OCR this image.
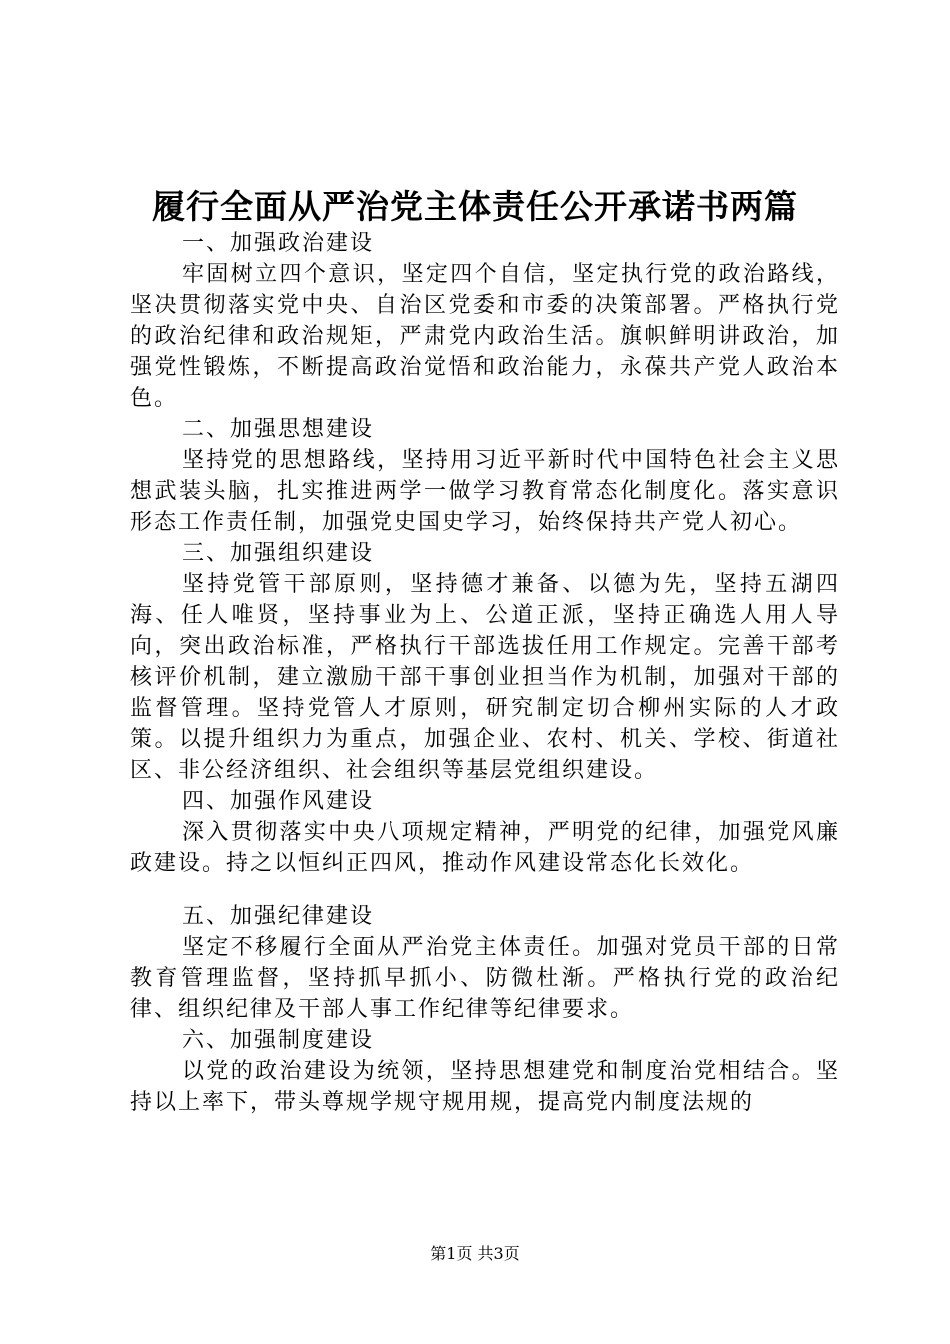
履行全面从严治党主体责任公开承诺书两篇

一、加强政治建设

牢固树立四个意识，坚定四个自信，坚定执行党的政治路线，坚决贯彻落实党中央、自治区党委和市委的决策部署。严格执行党的政治纪律和政治规矩，严肃党内政治生活。旗帜鲜明讲政治，加强党性锻炼，不断提高政治觉悟和政治能力，永葆共产党人政治本色。

二、加强思想建设

坚持党的思想路线，坚持用习近平新时代中国特色社会主义思想武装头脑，扎实推进两学一做学习教育常态化制度化。落实意识形态工作责任制，加强党史国史学习，始终保持共产党人初心。

三、加强组织建设

坚持党管干部原则，坚持德才兼备、以德为先，坚持五湖四海、任人唯贤，坚持事业为上、公道正派，坚持正确选人用人导向，突出政治标准，严格执行干部选拔任用工作规定。完善干部考核评价机制，建立激励干部干事创业担当作为机制，加强对干部的监督管理。坚持党管人才原则，研究制定切合柳州实际的人才政策。以提升组织力为重点，加强企业、农村、机关、学校、街道社区、非公经济组织、社会组织等基层党组织建设。

四、加强作风建设

深入贯彻落实中央八项规定精神，严明党的纪律，加强党风廉政建设。持之以恒纠正四风，推动作风建设常态化长效化。

五、加强纪律建设

坚定不移履行全面从严治党主体责任。加强对党员干部的日常教育管理监督，坚持抓早抓小、防微杜渐。严格执行党的政治纪律、组织纪律及干部人事工作纪律等纪律要求。

六、加强制度建设

以党的政治建设为统领，坚持思想建党和制度治党相结合。坚持以上率下，带头尊规学规守规用规，提高党内制度法规的

第1页 共3页
